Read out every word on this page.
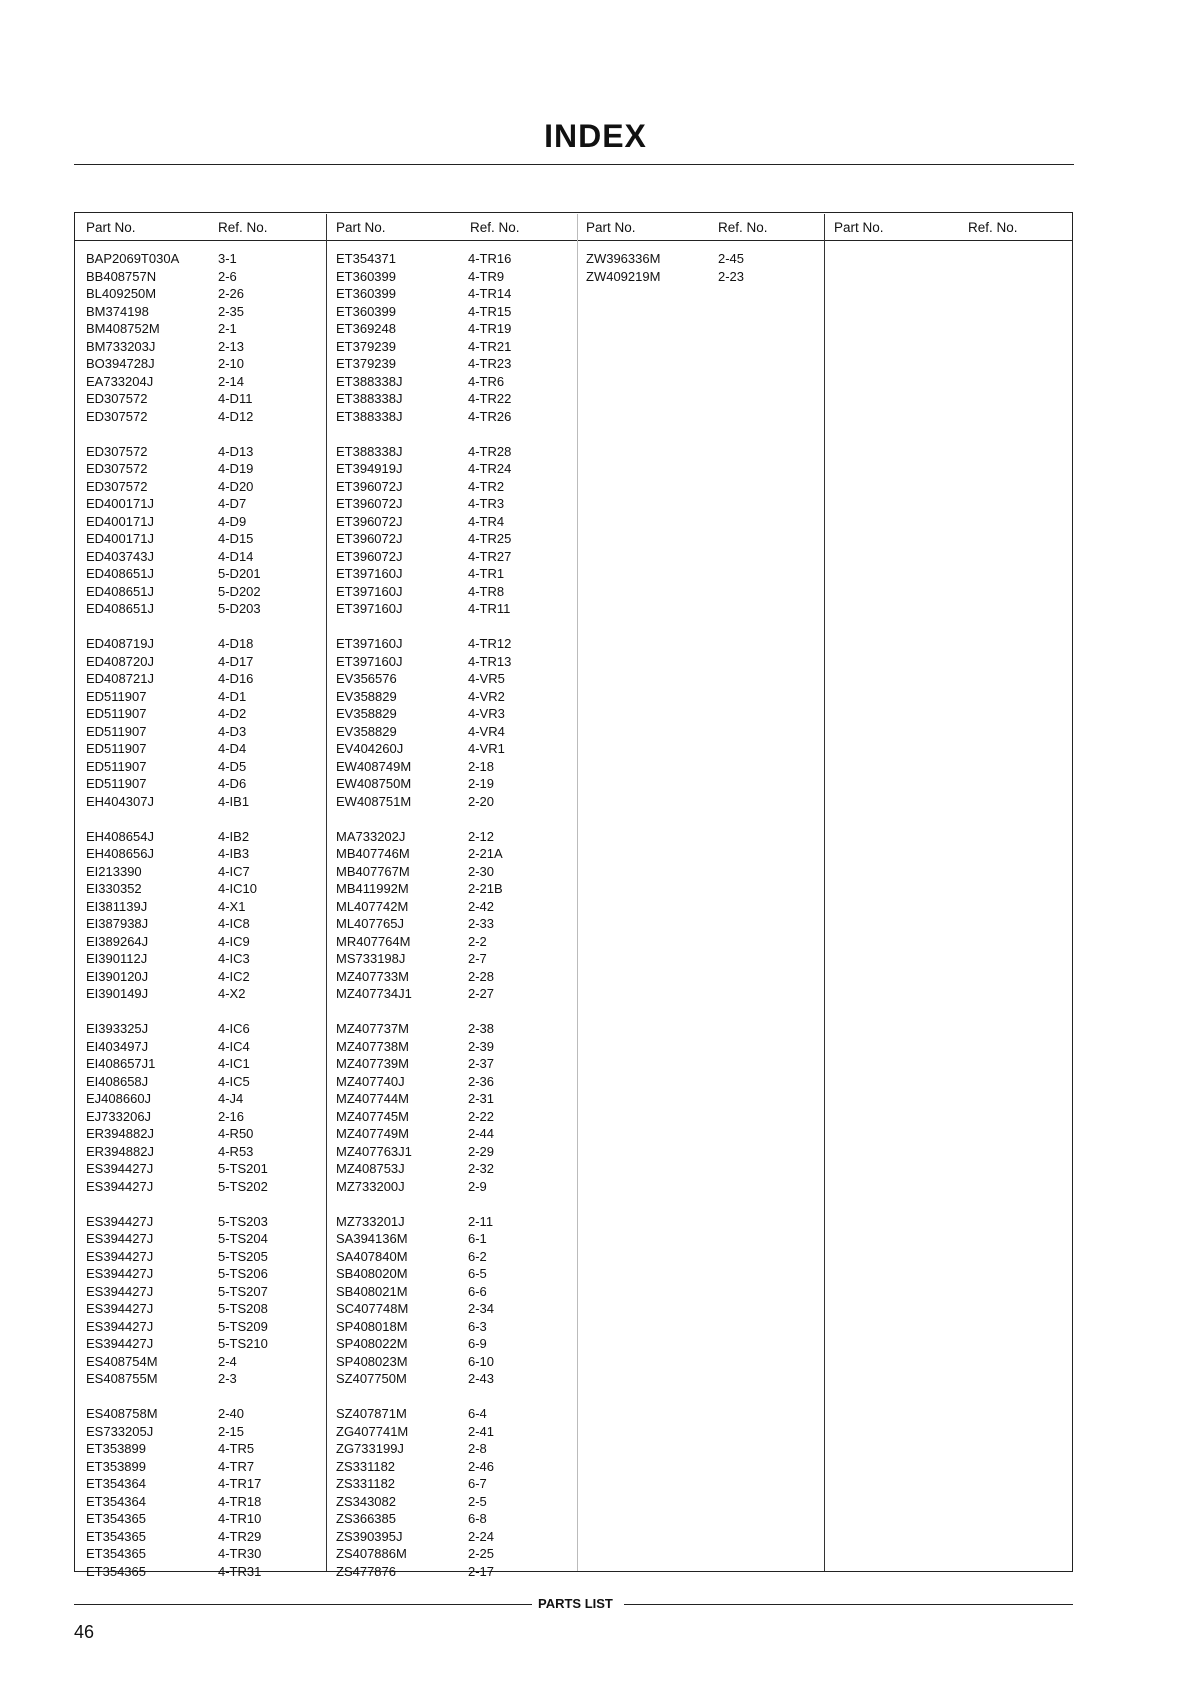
INDEX
Part No.	Ref. No.	Part No.	Ref. No.	Part No.	Ref. No.	Part No.	Ref. No.
BAP2069T030A	3-1
BB408757N	2-6
BL409250M	2-26
BM374198	2-35
BM408752M	2-1
BM733203J	2-13
BO394728J	2-10
EA733204J	2-14
ED307572	4-D11
ED307572	4-D12
ED307572	4-D13
ED307572	4-D19
ED307572	4-D20
ED400171J	4-D7
ED400171J	4-D9
ED400171J	4-D15
ED403743J	4-D14
ED408651J	5-D201
ED408651J	5-D202
ED408651J	5-D203
ED408719J	4-D18
ED408720J	4-D17
ED408721J	4-D16
ED511907	4-D1
ED511907	4-D2
ED511907	4-D3
ED511907	4-D4
ED511907	4-D5
ED511907	4-D6
EH404307J	4-IB1
EH408654J	4-IB2
EH408656J	4-IB3
EI213390	4-IC7
EI330352	4-IC10
EI381139J	4-X1
EI387938J	4-IC8
EI389264J	4-IC9
EI390112J	4-IC3
EI390120J	4-IC2
EI390149J	4-X2
EI393325J	4-IC6
EI403497J	4-IC4
EI408657J1	4-IC1
EI408658J	4-IC5
EJ408660J	4-J4
EJ733206J	2-16
ER394882J	4-R50
ER394882J	4-R53
ES394427J	5-TS201
ES394427J	5-TS202
ES394427J	5-TS203
ES394427J	5-TS204
ES394427J	5-TS205
ES394427J	5-TS206
ES394427J	5-TS207
ES394427J	5-TS208
ES394427J	5-TS209
ES394427J	5-TS210
ES408754M	2-4
ES408755M	2-3
ES408758M	2-40
ES733205J	2-15
ET353899	4-TR5
ET353899	4-TR7
ET354364	4-TR17
ET354364	4-TR18
ET354365	4-TR10
ET354365	4-TR29
ET354365	4-TR30
ET354365	4-TR31
ET354371	4-TR16
ET360399	4-TR9
ET360399	4-TR14
ET360399	4-TR15
ET369248	4-TR19
ET379239	4-TR21
ET379239	4-TR23
ET388338J	4-TR6
ET388338J	4-TR22
ET388338J	4-TR26
ET388338J	4-TR28
ET394919J	4-TR24
ET396072J	4-TR2
ET396072J	4-TR3
ET396072J	4-TR4
ET396072J	4-TR25
ET396072J	4-TR27
ET397160J	4-TR1
ET397160J	4-TR8
ET397160J	4-TR11
ET397160J	4-TR12
ET397160J	4-TR13
EV356576	4-VR5
EV358829	4-VR2
EV358829	4-VR3
EV358829	4-VR4
EV404260J	4-VR1
EW408749M	2-18
EW408750M	2-19
EW408751M	2-20
MA733202J	2-12
MB407746M	2-21A
MB407767M	2-30
MB411992M	2-21B
ML407742M	2-42
ML407765J	2-33
MR407764M	2-2
MS733198J	2-7
MZ407733M	2-28
MZ407734J1	2-27
MZ407737M	2-38
MZ407738M	2-39
MZ407739M	2-37
MZ407740J	2-36
MZ407744M	2-31
MZ407745M	2-22
MZ407749M	2-44
MZ407763J1	2-29
MZ408753J	2-32
MZ733200J	2-9
MZ733201J	2-11
SA394136M	6-1
SA407840M	6-2
SB408020M	6-5
SB408021M	6-6
SC407748M	2-34
SP408018M	6-3
SP408022M	6-9
SP408023M	6-10
SZ407750M	2-43
SZ407871M	6-4
ZG407741M	2-41
ZG733199J	2-8
ZS331182	2-46
ZS331182	6-7
ZS343082	2-5
ZS366385	6-8
ZS390395J	2-24
ZS407886M	2-25
ZS477876	2-17
ZW396336M	2-45
ZW409219M	2-23
PARTS LIST
46
